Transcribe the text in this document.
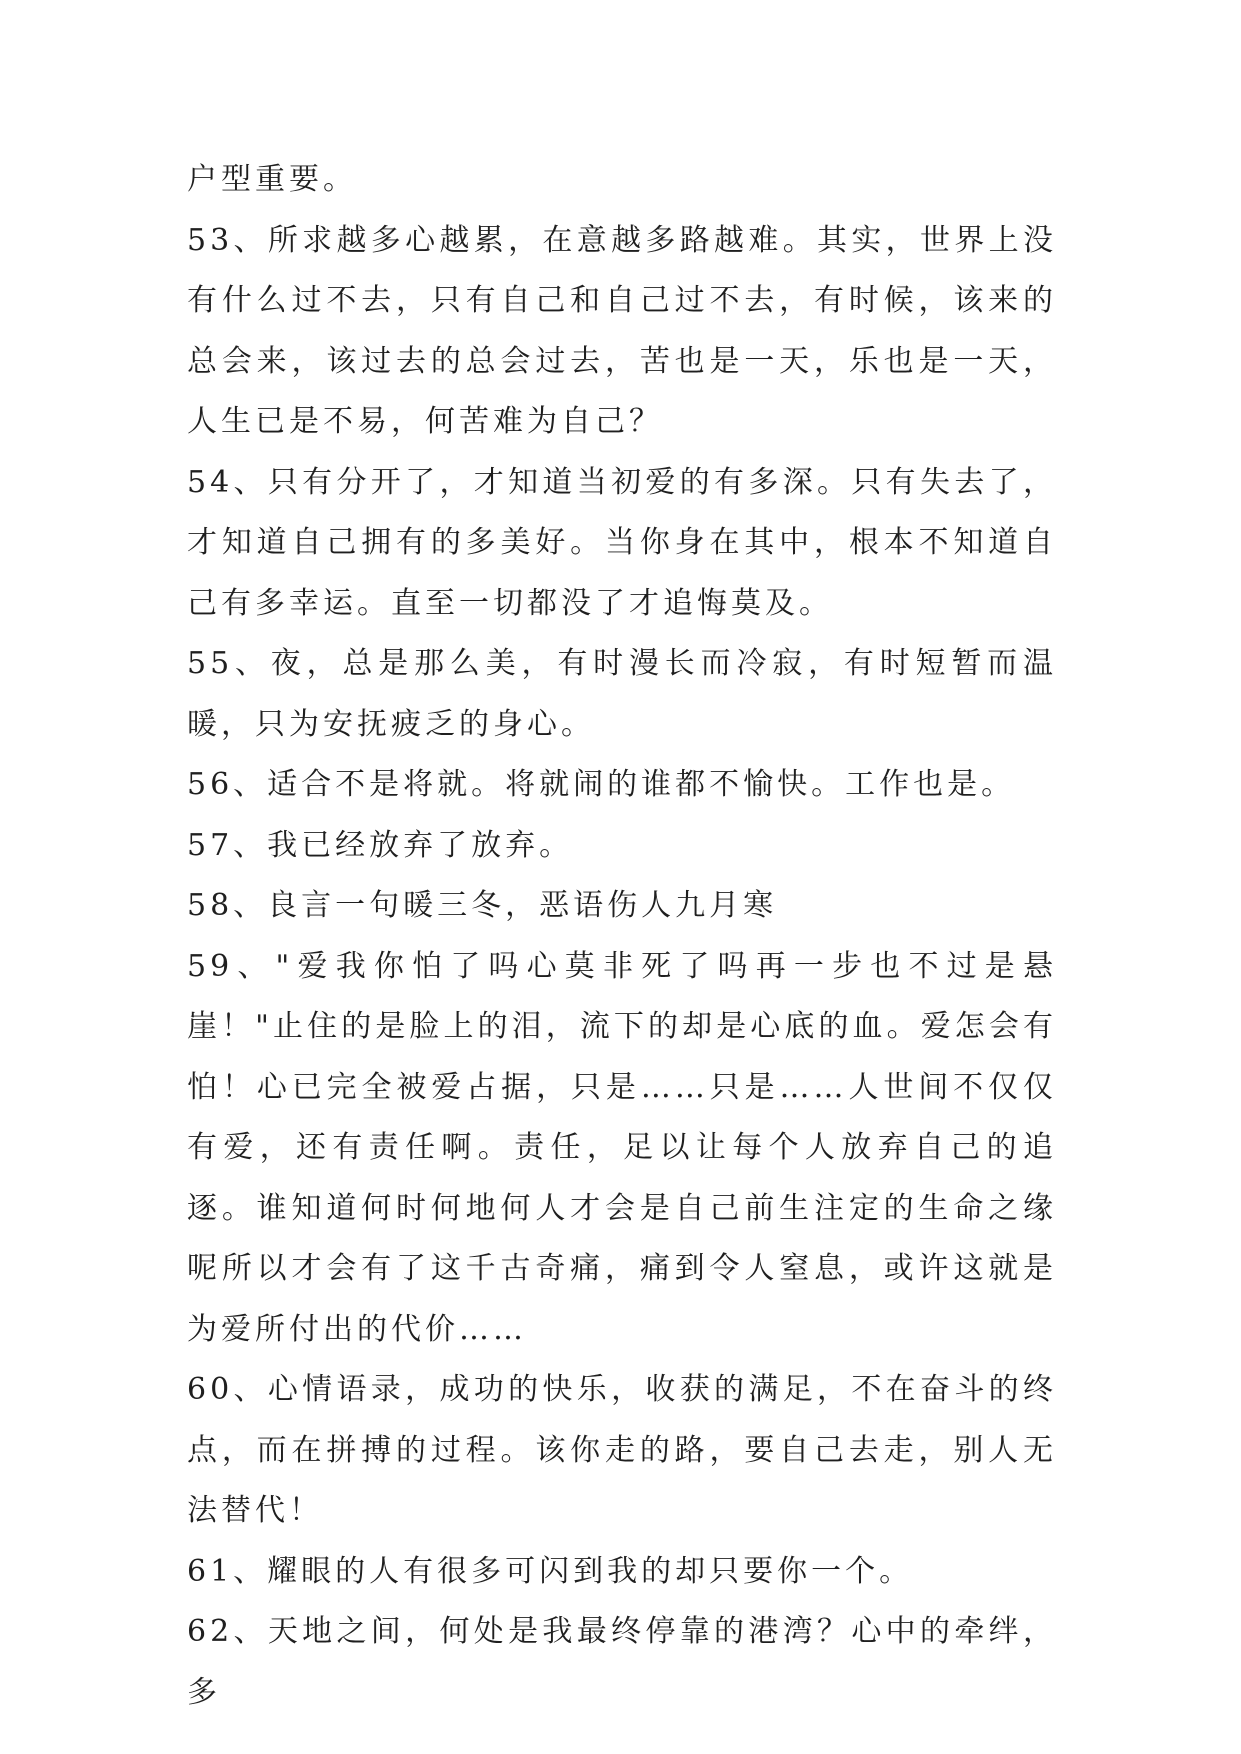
户型重要。

53、所求越多心越累，在意越多路越难。其实，世界上没有什么过不去，只有自己和自己过不去，有时候，该来的总会来，该过去的总会过去，苦也是一天，乐也是一天，人生已是不易，何苦难为自己？

54、只有分开了，才知道当初爱的有多深。只有失去了，才知道自己拥有的多美好。当你身在其中，根本不知道自己有多幸运。直至一切都没了才追悔莫及。

55、夜，总是那么美，有时漫长而冷寂，有时短暂而温暖，只为安抚疲乏的身心。

56、适合不是将就。将就闹的谁都不愉快。工作也是。

57、我已经放弃了放弃。

58、良言一句暖三冬，恶语伤人九月寒

59、"爱我你怕了吗心莫非死了吗再一步也不过是悬崖！"止住的是脸上的泪，流下的却是心底的血。爱怎会有怕！心已完全被爱占据，只是……只是……人世间不仅仅有爱，还有责任啊。责任，足以让每个人放弃自己的追逐。谁知道何时何地何人才会是自己前生注定的生命之缘呢所以才会有了这千古奇痛，痛到令人窒息，或许这就是为爱所付出的代价……

60、心情语录，成功的快乐，收获的满足，不在奋斗的终点，而在拼搏的过程。该你走的路，要自己去走，别人无法替代！

61、耀眼的人有很多可闪到我的却只要你一个。

62、天地之间，何处是我最终停靠的港湾？心中的牵绊，多
